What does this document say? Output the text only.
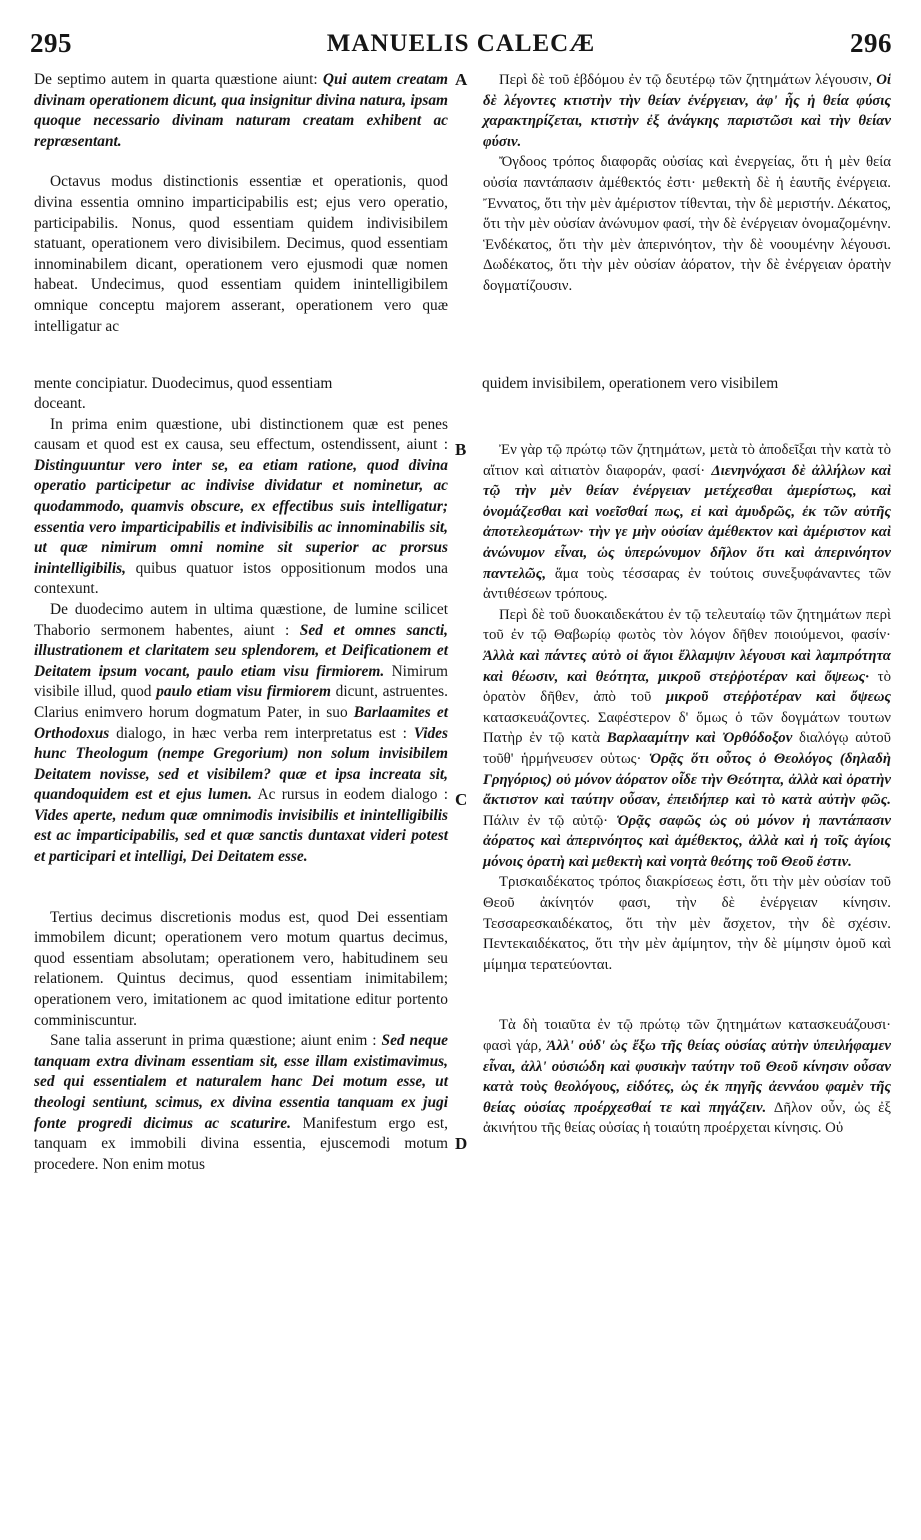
295	MANUELIS CALECÆ	296
A
B
C
D

De septimo autem in quarta quæstione aiunt: Qui autem creatam divinam operationem dicunt, qua insignitur divina natura, ipsam quoque necessario divinam naturam creatam exhibent ac repræsentant.

Octavus modus distinctionis essentiæ et operationis, quod divina essentia omnino imparticipabilis est; ejus vero operatio, participabilis. Nonus, quod essentiam quidem indivisibilem statuant, operationem vero divisibilem. Decimus, quod essentiam innominabilem dicant, operationem vero ejusmodi quæ nomen habeat. Undecimus, quod essentiam quidem inintelligibilem omnique conceptu majorem asserant, operationem vero quæ intelligatur ac

mente concipiatur. Duodecimus, quod essentiam	quidem invisibilem, operationem vero visibilem

Περὶ δὲ τοῦ ἑβδόμου ἐν τῷ δευτέρῳ τῶν ζητημάτων λέγουσιν, Οἱ δὲ λέγοντες κτιστὴν τὴν θείαν ἐνέργειαν, ἀφ' ἧς ἡ θεία φύσις χαρακτηρίζεται, κτιστὴν ἐξ ἀνάγκης παριστῶσι καὶ τὴν θείαν φύσιν.

Ὄγδοος τρόπος διαφορᾶς οὐσίας καὶ ἐνεργείας, ὅτι ἡ μὲν θεία οὐσία παντάπασιν ἀμέθεκτός ἐστι· μεθεκτὴ δὲ ἡ ἑαυτῆς ἐνέργεια. Ἔννατος, ὅτι τὴν μὲν ἀμέριστον τίθενται, τὴν δὲ μεριστήν. Δέκατος, ὅτι τὴν μὲν οὐσίαν ἀνώνυμον φασί, τὴν δὲ ἐνέργειαν ὀνομαζομένην. Ἑνδέκατος, ὅτι τὴν μὲν ἀπερινόητον, τὴν δὲ νοουμένην λέγουσι. Δωδέκατος, ὅτι τὴν μὲν οὐσίαν ἀόρατον, τὴν δὲ ἐνέργειαν ὁρατὴν δογματίζουσιν.

doceant.

In prima enim quæstione, ubi distinctionem quæ est penes causam et quod est ex causa, seu effectum, ostendissent, aiunt : Distinguuntur vero inter se, ea etiam ratione, quod divina operatio participetur ac indivise dividatur et nominetur, ac quodammodo, quamvis obscure, ex effectibus suis intelligatur; essentia vero imparticipabilis et indivisibilis ac innominabilis sit, ut quæ nimirum omni nomine sit superior ac prorsus inintelligibilis, quibus quatuor istos oppositionum modos una contexunt.

De duodecimo autem in ultima quæstione, de lumine scilicet Thaborio sermonem habentes, aiunt : Sed et omnes sancti, illustrationem et claritatem seu splendorem, et Deificationem et Deitatem ipsum vocant, paulo etiam visu firmiorem. Nimirum visibile illud, quod paulo etiam visu firmiorem dicunt, astruentes. Clarius enimvero horum dogmatum Pater, in suo Barlaamites et Orthodoxus dialogo, in hæc verba rem interpretatus est : Vides hunc Theologum (nempe Gregorium) non solum invisibilem Deitatem novisse, sed et visibilem? quæ et ipsa increata sit, quandoquidem est et ejus lumen. Ac rursus in eodem dialogo : Vides aperte, nedum quæ omnimodis invisibilis et inintelligibilis est ac imparticipabilis, sed et quæ sanctis duntaxat videri potest et participari et intelligi, Dei Deitatem esse.

Tertius decimus discretionis modus est, quod Dei essentiam immobilem dicunt; operationem vero motum quartus decimus, quod essentiam absolutam; operationem vero, habitudinem seu relationem. Quintus decimus, quod essentiam inimitabilem; operationem vero, imitationem ac quod imitatione editur portento comminiscuntur.

Sane talia asserunt in prima quæstione; aiunt enim : Sed neque tanquam extra divinam essentiam sit, esse illam existimavimus, sed qui essentialem et naturalem hanc Dei motum esse, ut theologi sentiunt, scimus, ex divina essentia tanquam ex jugi fonte progredi dicimus ac scaturire. Manifestum ergo est, tanquam ex immobili divina essentia, ejuscemodi motum procedere. Non enim motus

Ἐν γὰρ τῷ πρώτῳ τῶν ζητημάτων, μετὰ τὸ ἀποδεῖξαι τὴν κατὰ τὸ αἴτιον καὶ αἰτιατὸν διαφοράν, φασί· Διενηνόχασι δὲ ἀλλήλων καὶ τῷ τὴν μὲν θείαν ἐνέργειαν μετέχεσθαι ἀμερίστως, καὶ ὀνομάζεσθαι καὶ νοεῖσθαί πως, εἰ καὶ ἀμυδρῶς, ἐκ τῶν αὐτῆς ἀποτελεσμάτων· τὴν γε μὴν οὐσίαν ἀμέθεκτον καὶ ἀμέριστον καὶ ἀνώνυμον εἶναι, ὡς ὑπερώνυμον δῆλον ὅτι καὶ ἀπερινόητον παντελῶς, ἅμα τοὺς τέσσαρας ἐν τούτοις συνεξυφάναντες τῶν ἀντιθέσεων τρόπους.

Περὶ δὲ τοῦ δυοκαιδεκάτου ἐν τῷ τελευταίῳ τῶν ζητημάτων περὶ τοῦ ἐν τῷ Θαβωρίῳ φωτὸς τὸν λόγον δῆθεν ποιούμενοι, φασίν· Ἀλλὰ καὶ πάντες αὐτὸ οἱ ἅγιοι ἔλλαμψιν λέγουσι καὶ λαμπρότητα καὶ θέωσιν, καὶ θεότητα, μικροῦ στεῤῥοτέραν καὶ ὄψεως· τὸ ὁρατὸν δῆθεν, ἀπὸ τοῦ μικροῦ στεῤῥοτέραν καὶ ὄψεως κατασκευάζοντες. Σαφέστερον δ' ὅμως ὁ τῶν δογμάτων τουτων Πατὴρ ἐν τῷ κατὰ Βαρλααμίτην καὶ Ὀρθόδοξον διαλόγῳ αὐτοῦ τοῦθ' ἡρμήνευσεν οὑτως· Ὁρᾷς ὅτι οὗτος ὁ Θεολόγος (δηλαδὴ Γρηγόριος) οὐ μόνον ἀόρατον οἶδε τὴν Θεότητα, ἀλλὰ καὶ ὁρατὴν ἄκτιστον καὶ ταύτην οὖσαν, ἐπειδήπερ καὶ τὸ κατὰ αὐτὴν φῶς. Πάλιν ἐν τῷ αὐτῷ· Ὁρᾷς σαφῶς ὡς οὐ μόνον ἡ παντάπασιν ἀόρατος καὶ ἀπερινόητος καὶ ἀμέθεκτος, ἀλλὰ καὶ ἡ τοῖς ἁγίοις μόνοις ὁρατὴ καὶ μεθεκτὴ καὶ νοητὰ θεότης τοῦ Θεοῦ ἐστιν.

Τρισκαιδέκατος τρόπος διακρίσεως ἐστι, ὅτι τὴν μὲν οὐσίαν τοῦ Θεοῦ ἀκίνητόν φασι, τὴν δὲ ἐνέργειαν κίνησιν. Τεσσαρεσκαιδέκατος, ὅτι τὴν μὲν ἄσχετον, τὴν δὲ σχέσιν. Πεντεκαιδέκατος, ὅτι τὴν μὲν ἀμίμητον, τὴν δὲ μίμησιν ὁμοῦ καὶ μίμημα τερατεύονται.

Τὰ δὴ τοιαῦτα ἐν τῷ πρώτῳ τῶν ζητημάτων κατασκευάζουσι· φασὶ γάρ, Ἀλλ' οὐδ' ὡς ἔξω τῆς θείας οὐσίας αὐτὴν ὑπειλήφαμεν εἶναι, ἀλλ' οὐσιώδη καὶ φυσικὴν ταύτην τοῦ Θεοῦ κίνησιν οὖσαν κατὰ τοὺς θεολόγους, εἰδότες, ὡς ἐκ πηγῆς ἀεννάου φαμὲν τῆς θείας οὐσίας προέρχεσθαί τε καὶ πηγάζειν. Δῆλον οὖν, ὡς ἐξ ἀκινήτου τῆς θείας οὐσίας ἡ τοιαύτη προέρχεται κίνησις. Οὐ
